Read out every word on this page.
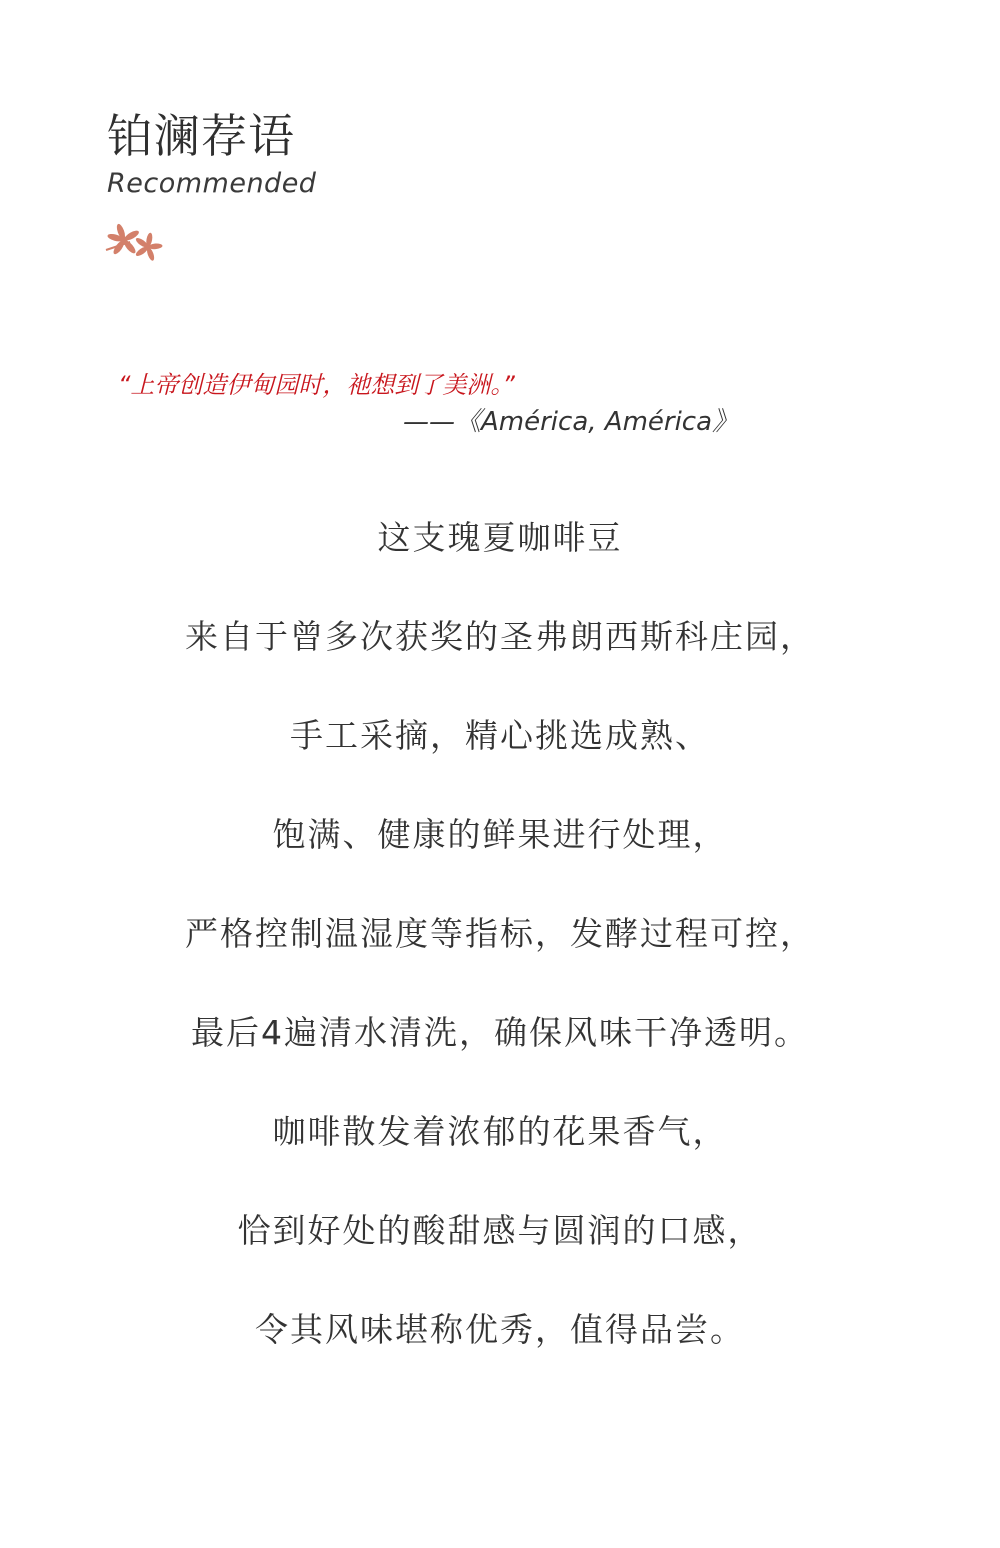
铂澜荐语
Recommended
“上帝创造伊甸园时，祂想到了美洲。”
——《América, América》
这支瑰夏咖啡豆
来自于曾多次获奖的圣弗朗西斯科庄园，
手工采摘，精心挑选成熟、
饱满、健康的鲜果进行处理，
严格控制温湿度等指标，发酵过程可控，
最后4遍清水清洗，确保风味干净透明。
咖啡散发着浓郁的花果香气，
恰到好处的酸甜感与圆润的口感，
令其风味堪称优秀，值得品尝。
